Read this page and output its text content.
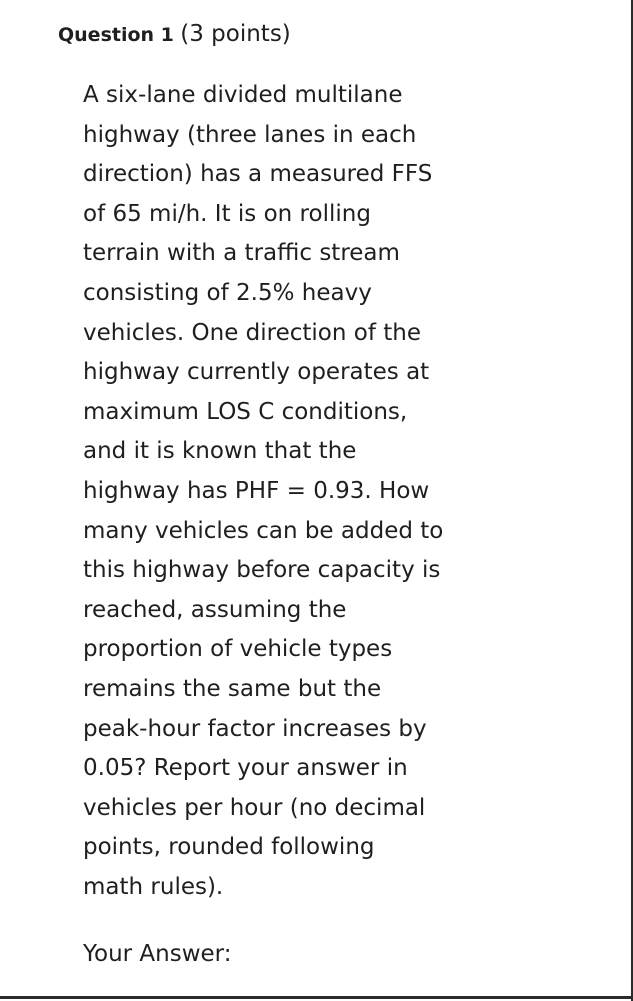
Question 1 (3 points)
A six-lane divided multilane
highway (three lanes in each
direction) has a measured FFS
of 65 mi/h. It is on rolling
terrain with a traffic stream
consisting of 2.5% heavy
vehicles. One direction of the
highway currently operates at
maximum LOS C conditions,
and it is known that the
highway has PHF = 0.93. How
many vehicles can be added to
this highway before capacity is
reached, assuming the
proportion of vehicle types
remains the same but the
peak-hour factor increases by
0.05? Report your answer in
vehicles per hour (no decimal
points, rounded following
math rules).
Your Answer:
